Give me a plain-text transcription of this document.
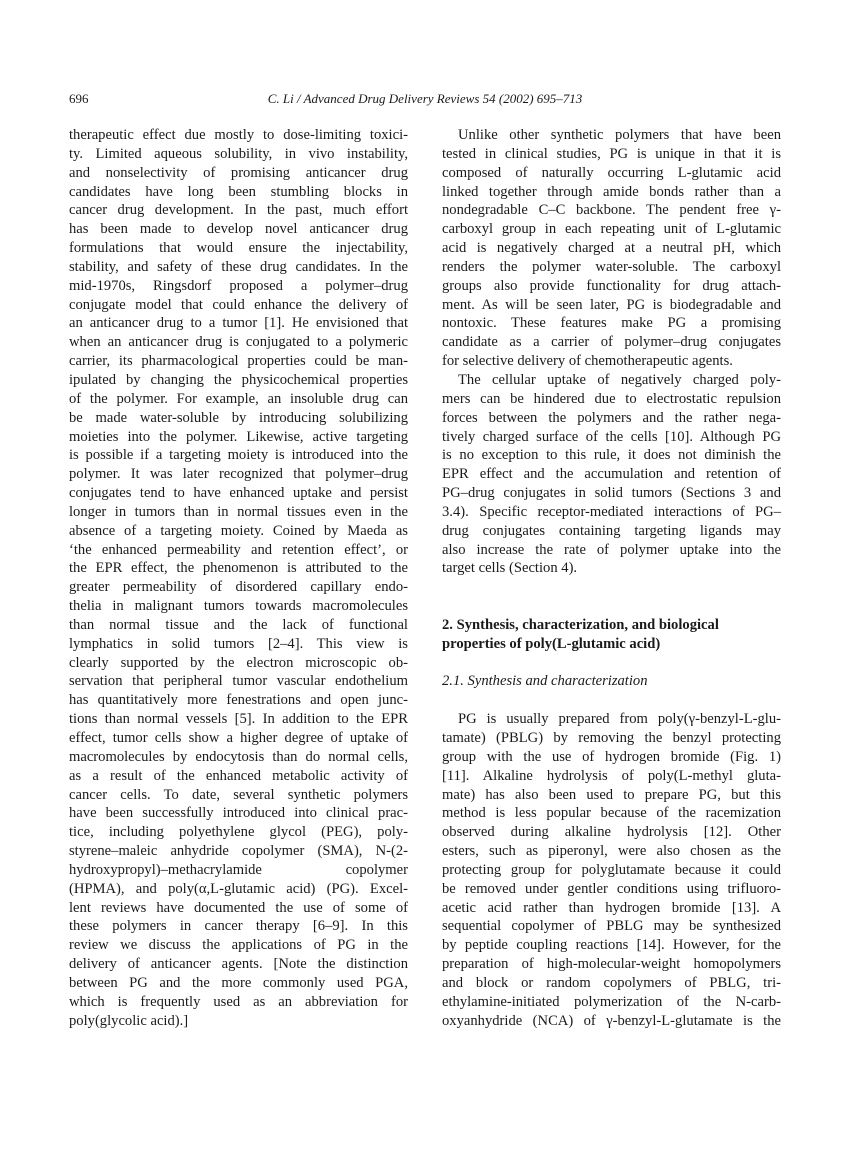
696	C. Li / Advanced Drug Delivery Reviews 54 (2002) 695–713
therapeutic effect due mostly to dose-limiting toxici-
ty. Limited aqueous solubility, in vivo instability,
and nonselectivity of promising anticancer drug
candidates have long been stumbling blocks in
cancer drug development. In the past, much effort
has been made to develop novel anticancer drug
formulations that would ensure the injectability,
stability, and safety of these drug candidates. In the
mid-1970s, Ringsdorf proposed a polymer–drug
conjugate model that could enhance the delivery of
an anticancer drug to a tumor [1]. He envisioned that
when an anticancer drug is conjugated to a polymeric
carrier, its pharmacological properties could be man-
ipulated by changing the physicochemical properties
of the polymer. For example, an insoluble drug can
be made water-soluble by introducing solubilizing
moieties into the polymer. Likewise, active targeting
is possible if a targeting moiety is introduced into the
polymer. It was later recognized that polymer–drug
conjugates tend to have enhanced uptake and persist
longer in tumors than in normal tissues even in the
absence of a targeting moiety. Coined by Maeda as
‘the enhanced permeability and retention effect’, or
the EPR effect, the phenomenon is attributed to the
greater permeability of disordered capillary endo-
thelia in malignant tumors towards macromolecules
than normal tissue and the lack of functional
lymphatics in solid tumors [2–4]. This view is
clearly supported by the electron microscopic ob-
servation that peripheral tumor vascular endothelium
has quantitatively more fenestrations and open junc-
tions than normal vessels [5]. In addition to the EPR
effect, tumor cells show a higher degree of uptake of
macromolecules by endocytosis than do normal cells,
as a result of the enhanced metabolic activity of
cancer cells. To date, several synthetic polymers
have been successfully introduced into clinical prac-
tice, including polyethylene glycol (PEG), poly-
styrene–maleic anhydride copolymer (SMA), N-(2-
hydroxypropyl)–methacrylamide copolymer
(HPMA), and poly(α,L-glutamic acid) (PG). Excel-
lent reviews have documented the use of some of
these polymers in cancer therapy [6–9]. In this
review we discuss the applications of PG in the
delivery of anticancer agents. [Note the distinction
between PG and the more commonly used PGA,
which is frequently used as an abbreviation for
poly(glycolic acid).]
Unlike other synthetic polymers that have been
tested in clinical studies, PG is unique in that it is
composed of naturally occurring L-glutamic acid
linked together through amide bonds rather than a
nondegradable C–C backbone. The pendent free γ-
carboxyl group in each repeating unit of L-glutamic
acid is negatively charged at a neutral pH, which
renders the polymer water-soluble. The carboxyl
groups also provide functionality for drug attach-
ment. As will be seen later, PG is biodegradable and
nontoxic. These features make PG a promising
candidate as a carrier of polymer–drug conjugates
for selective delivery of chemotherapeutic agents.
The cellular uptake of negatively charged poly-
mers can be hindered due to electrostatic repulsion
forces between the polymers and the rather nega-
tively charged surface of the cells [10]. Although PG
is no exception to this rule, it does not diminish the
EPR effect and the accumulation and retention of
PG–drug conjugates in solid tumors (Sections 3 and
3.4). Specific receptor-mediated interactions of PG–
drug conjugates containing targeting ligands may
also increase the rate of polymer uptake into the
target cells (Section 4).
2. Synthesis, characterization, and biological
properties of poly(L-glutamic acid)
2.1. Synthesis and characterization
PG is usually prepared from poly(γ-benzyl-L-glu-
tamate) (PBLG) by removing the benzyl protecting
group with the use of hydrogen bromide (Fig. 1)
[11]. Alkaline hydrolysis of poly(L-methyl gluta-
mate) has also been used to prepare PG, but this
method is less popular because of the racemization
observed during alkaline hydrolysis [12]. Other
esters, such as piperonyl, were also chosen as the
protecting group for polyglutamate because it could
be removed under gentler conditions using trifluoro-
acetic acid rather than hydrogen bromide [13]. A
sequential copolymer of PBLG may be synthesized
by peptide coupling reactions [14]. However, for the
preparation of high-molecular-weight homopolymers
and block or random copolymers of PBLG, tri-
ethylamine-initiated polymerization of the N-carb-
oxyanhydride (NCA) of γ-benzyl-L-glutamate is the
